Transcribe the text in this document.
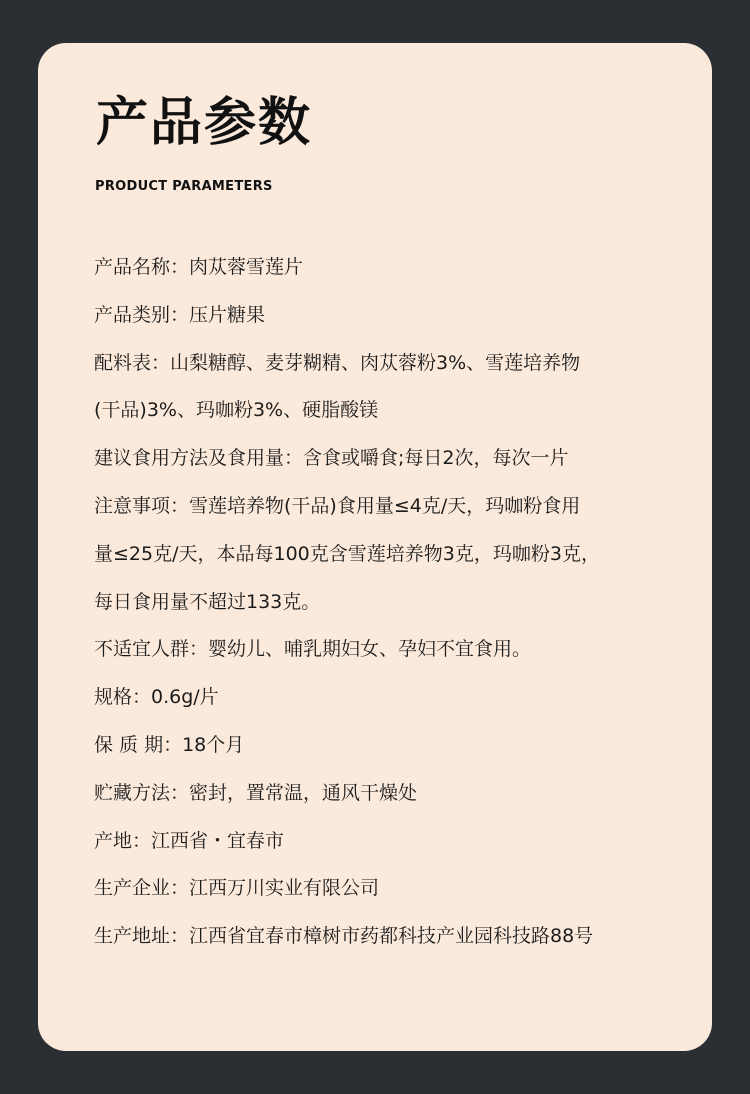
产品参数
PRODUCT PARAMETERS
产品名称：肉苁蓉雪莲片
产品类别：压片糖果
配料表：山梨糖醇、麦芽糊精、肉苁蓉粉3%、雪莲培养物
(干品)3%、玛咖粉3%、硬脂酸镁
建议食用方法及食用量：含食或嚼食;每日2次，每次一片
注意事项：雪莲培养物(干品)食用量≤4克/天，玛咖粉食用
量≤25克/天，本品每100克含雪莲培养物3克，玛咖粉3克，
每日食用量不超过133克。
不适宜人群：婴幼儿、哺乳期妇女、孕妇不宜食用。
规格：0.6g/片
保 质 期：18个月
贮藏方法：密封，置常温，通风干燥处
产地：江西省・宜春市
生产企业：江西万川实业有限公司
生产地址：江西省宜春市樟树市药都科技产业园科技路88号
